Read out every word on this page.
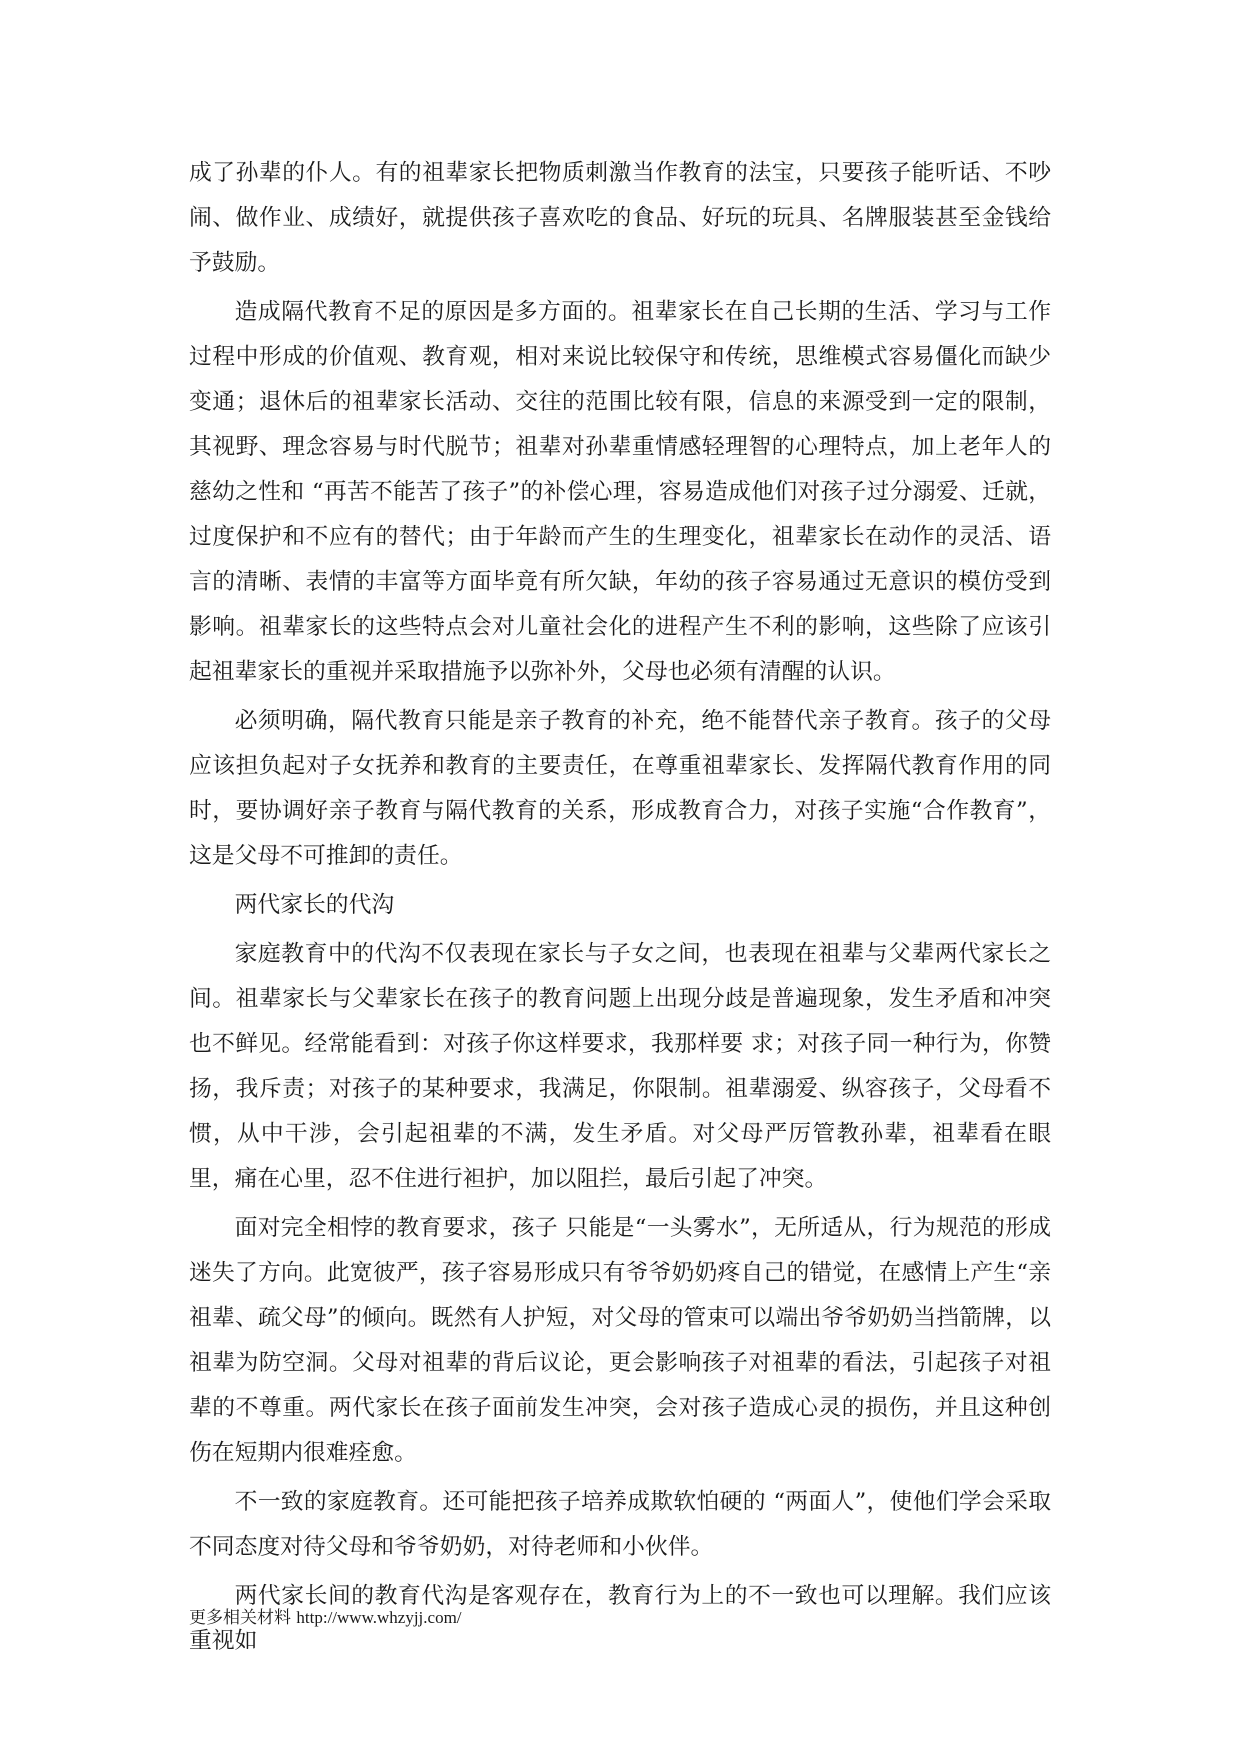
成了孙辈的仆人。有的祖辈家长把物质刺激当作教育的法宝，只要孩子能听话、不吵闹、做作业、成绩好，就提供孩子喜欢吃的食品、好玩的玩具、名牌服装甚至金钱给予鼓励。

造成隔代教育不足的原因是多方面的。祖辈家长在自己长期的生活、学习与工作过程中形成的价值观、教育观，相对来说比较保守和传统，思维模式容易僵化而缺少变通；退休后的祖辈家长活动、交往的范围比较有限，信息的来源受到一定的限制，其视野、理念容易与时代脱节；祖辈对孙辈重情感轻理智的心理特点，加上老年人的慈幼之性和 “再苦不能苦了孩子”的补偿心理，容易造成他们对孩子过分溺爱、迁就，过度保护和不应有的替代；由于年龄而产生的生理变化，祖辈家长在动作的灵活、语言的清晰、表情的丰富等方面毕竟有所欠缺，年幼的孩子容易通过无意识的模仿受到影响。祖辈家长的这些特点会对儿童社会化的进程产生不利的影响，这些除了应该引起祖辈家长的重视并采取措施予以弥补外，父母也必须有清醒的认识。

必须明确，隔代教育只能是亲子教育的补充，绝不能替代亲子教育。孩子的父母应该担负起对子女抚养和教育的主要责任，在尊重祖辈家长、发挥隔代教育作用的同时，要协调好亲子教育与隔代教育的关系，形成教育合力，对孩子实施“合作教育”，这是父母不可推卸的责任。

两代家长的代沟

家庭教育中的代沟不仅表现在家长与子女之间，也表现在祖辈与父辈两代家长之间。祖辈家长与父辈家长在孩子的教育问题上出现分歧是普遍现象，发生矛盾和冲突也不鲜见。经常能看到：对孩子你这样要求，我那样要 求；对孩子同一种行为，你赞扬，我斥责；对孩子的某种要求，我满足，你限制。祖辈溺爱、纵容孩子，父母看不惯，从中干涉，会引起祖辈的不满，发生矛盾。对父母严厉管教孙辈，祖辈看在眼里，痛在心里，忍不住进行袒护，加以阻拦，最后引起了冲突。

面对完全相悖的教育要求，孩子 只能是“一头雾水”，无所适从，行为规范的形成迷失了方向。此宽彼严，孩子容易形成只有爷爷奶奶疼自己的错觉，在感情上产生“亲祖辈、疏父母”的倾向。既然有人护短，对父母的管束可以端出爷爷奶奶当挡箭牌，以祖辈为防空洞。父母对祖辈的背后议论，更会影响孩子对祖辈的看法，引起孩子对祖辈的不尊重。两代家长在孩子面前发生冲突，会对孩子造成心灵的损伤，并且这种创伤在短期内很难痊愈。

不一致的家庭教育。还可能把孩子培养成欺软怕硬的 “两面人”，使他们学会采取不同态度对待父母和爷爷奶奶，对待老师和小伙伴。

两代家长间的教育代沟是客观存在，教育行为上的不一致也可以理解。我们应该重视如

更多相关材料 http://www.whzyjj.com/
